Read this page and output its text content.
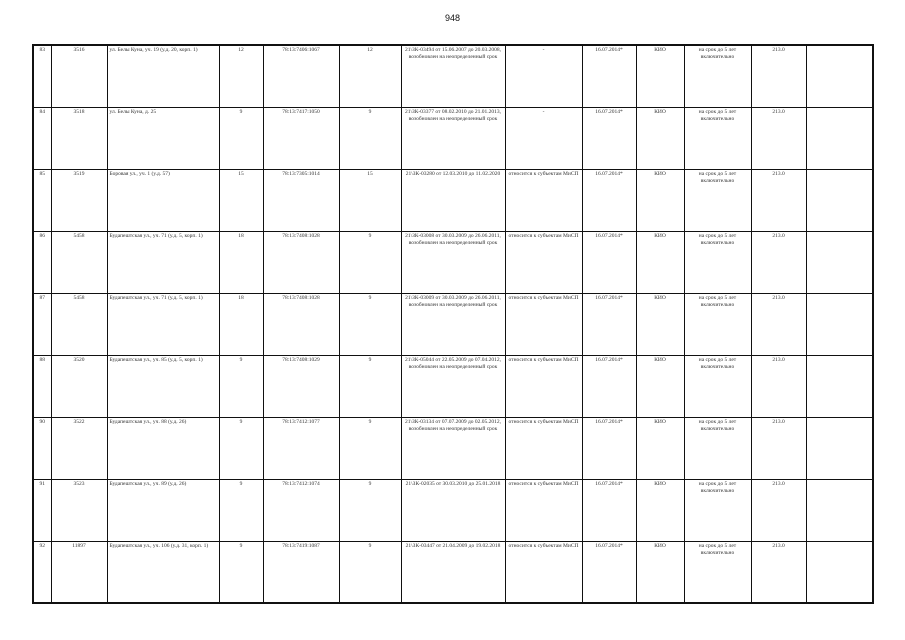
948
83	3516	ул. Белы Куна, уч. 19 (у.д. 20, корп. 1)	12	78:13:7406:1067	12	21\ЗК-03494 от 15.06.2007 до 20.03.2008, возобновлен на неопределенный срок	-	16.07.2014*	КИО	на срок до 5 лет включительно	213.0	
84	3518	ул. Белы Куна, д. 25	9	78:13:7417:1050	9	21\ЗК-03377 от 08.02.2010 до 21.01.2013, возобновлен на неопределенный срок	-	16.07.2014*	КИО	на срок до 5 лет включительно	213.0	
85	3519	Боровая ул., уч. 1 (у.д. 57)	15	78:13:7305:1014	15	21\ЗК-03280 от 12.03.2010 до 11.02.2020	относится к субъектам МиСП	16.07.2014*	КИО	на срок до 5 лет включительно	213.0	
86	5458	Будапештская ул., уч. 71 (у.д. 5, корп. 1)	18	78:13:7408:1028	9	21\ЗК-03008 от 30.03.2009 до 26.06.2011, возобновлен на неопределенный срок	относится к субъектам МиСП	16.07.2014*	КИО	на срок до 5 лет включительно	213.0	
87	5458	Будапештская ул., уч. 71 (у.д. 5, корп. 1)	18	78:13:7408:1028	9	21\ЗК-03009 от 30.03.2009 до 26.06.2011, возобновлен на неопределенный срок	относится к субъектам МиСП	16.07.2014*	КИО	на срок до 5 лет включительно	213.0	
88	3520	Будапештская ул., уч. 85 (у.д. 5, корп. 1)	9	78:13:7408:1029	9	21\ЗК-05044 от 22.05.2009 до 07.04.2012, возобновлен на неопределенный срок	относится к субъектам МиСП	16.07.2014*	КИО	на срок до 5 лет включительно	213.0	
90	3522	Будапештская ул., уч. 88 (у.д. 26)	9	78:13:7412:1077	9	21\ЗК-03134 от 07.07.2009 до 02.05.2012, возобновлен на неопределенный срок	относится к субъектам МиСП	16.07.2014*	КИО	на срок до 5 лет включительно	213.0	
91	3523	Будапештская ул., уч. 89 (у.д. 26)	9	78:13:7412:1074	9	21\ЗК-02035 от 30.03.2010 до 25.01.2018	относится к субъектам МиСП	16.07.2014*	КИО	на срок до 5 лет включительно	213.0	
92	11897	Будапештская ул., уч. 106 (у.д. 31, корп. 1)	9	78:13:7419:1087	9	21\ЗК-03447 от 21.04.2009 до 19.02.2018	относится к субъектам МиСП	16.07.2014*	КИО	на срок до 5 лет включительно	213.0	
